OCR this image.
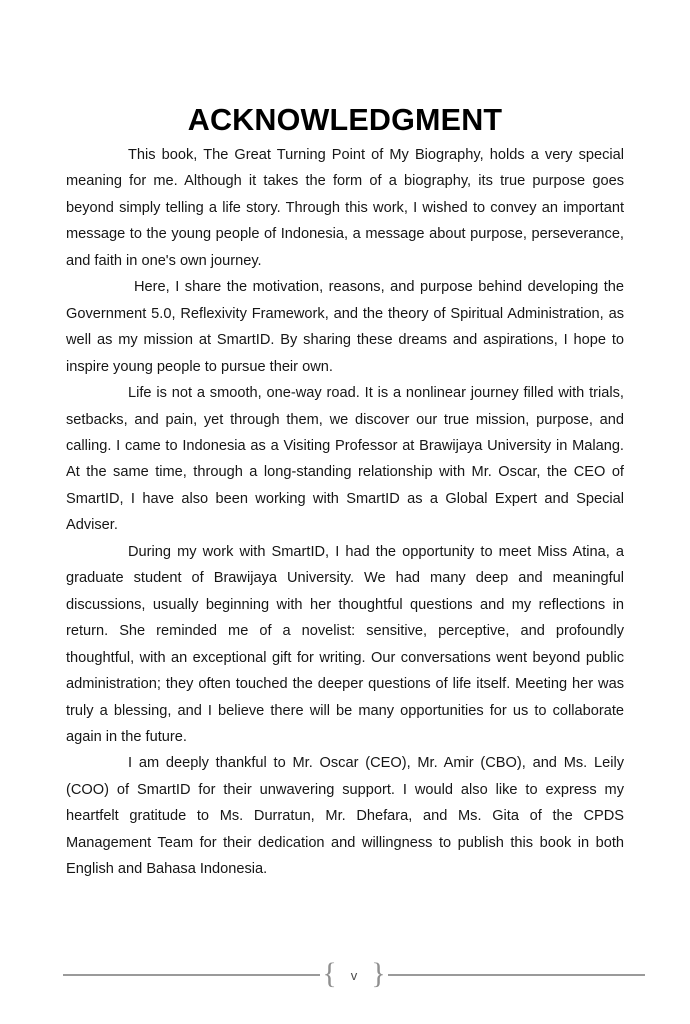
ACKNOWLEDGMENT

This book, The Great Turning Point of My Biography, holds a very special meaning for me. Although it takes the form of a biography, its true purpose goes beyond simply telling a life story. Through this work, I wished to convey an important message to the young people of Indonesia, a message about purpose, perseverance, and faith in one's own journey.

Here, I share the motivation, reasons, and purpose behind developing the Government 5.0, Reflexivity Framework, and the theory of Spiritual Administration, as well as my mission at SmartID. By sharing these dreams and aspirations, I hope to inspire young people to pursue their own.

Life is not a smooth, one-way road. It is a nonlinear journey filled with trials, setbacks, and pain, yet through them, we discover our true mission, purpose, and calling. I came to Indonesia as a Visiting Professor at Brawijaya University in Malang. At the same time, through a long-standing relationship with Mr. Oscar, the CEO of SmartID, I have also been working with SmartID as a Global Expert and Special Adviser.

During my work with SmartID, I had the opportunity to meet Miss Atina, a graduate student of Brawijaya University. We had many deep and meaningful discussions, usually beginning with her thoughtful questions and my reflections in return. She reminded me of a novelist: sensitive, perceptive, and profoundly thoughtful, with an exceptional gift for writing. Our conversations went beyond public administration; they often touched the deeper questions of life itself. Meeting her was truly a blessing, and I believe there will be many opportunities for us to collaborate again in the future.

I am deeply thankful to Mr. Oscar (CEO), Mr. Amir (CBO), and Ms. Leily (COO) of SmartID for their unwavering support. I would also like to express my heartfelt gratitude to Ms. Durratun, Mr. Dhefara, and Ms. Gita of the CPDS Management Team for their dedication and willingness to publish this book in both English and Bahasa Indonesia.

{	v }
